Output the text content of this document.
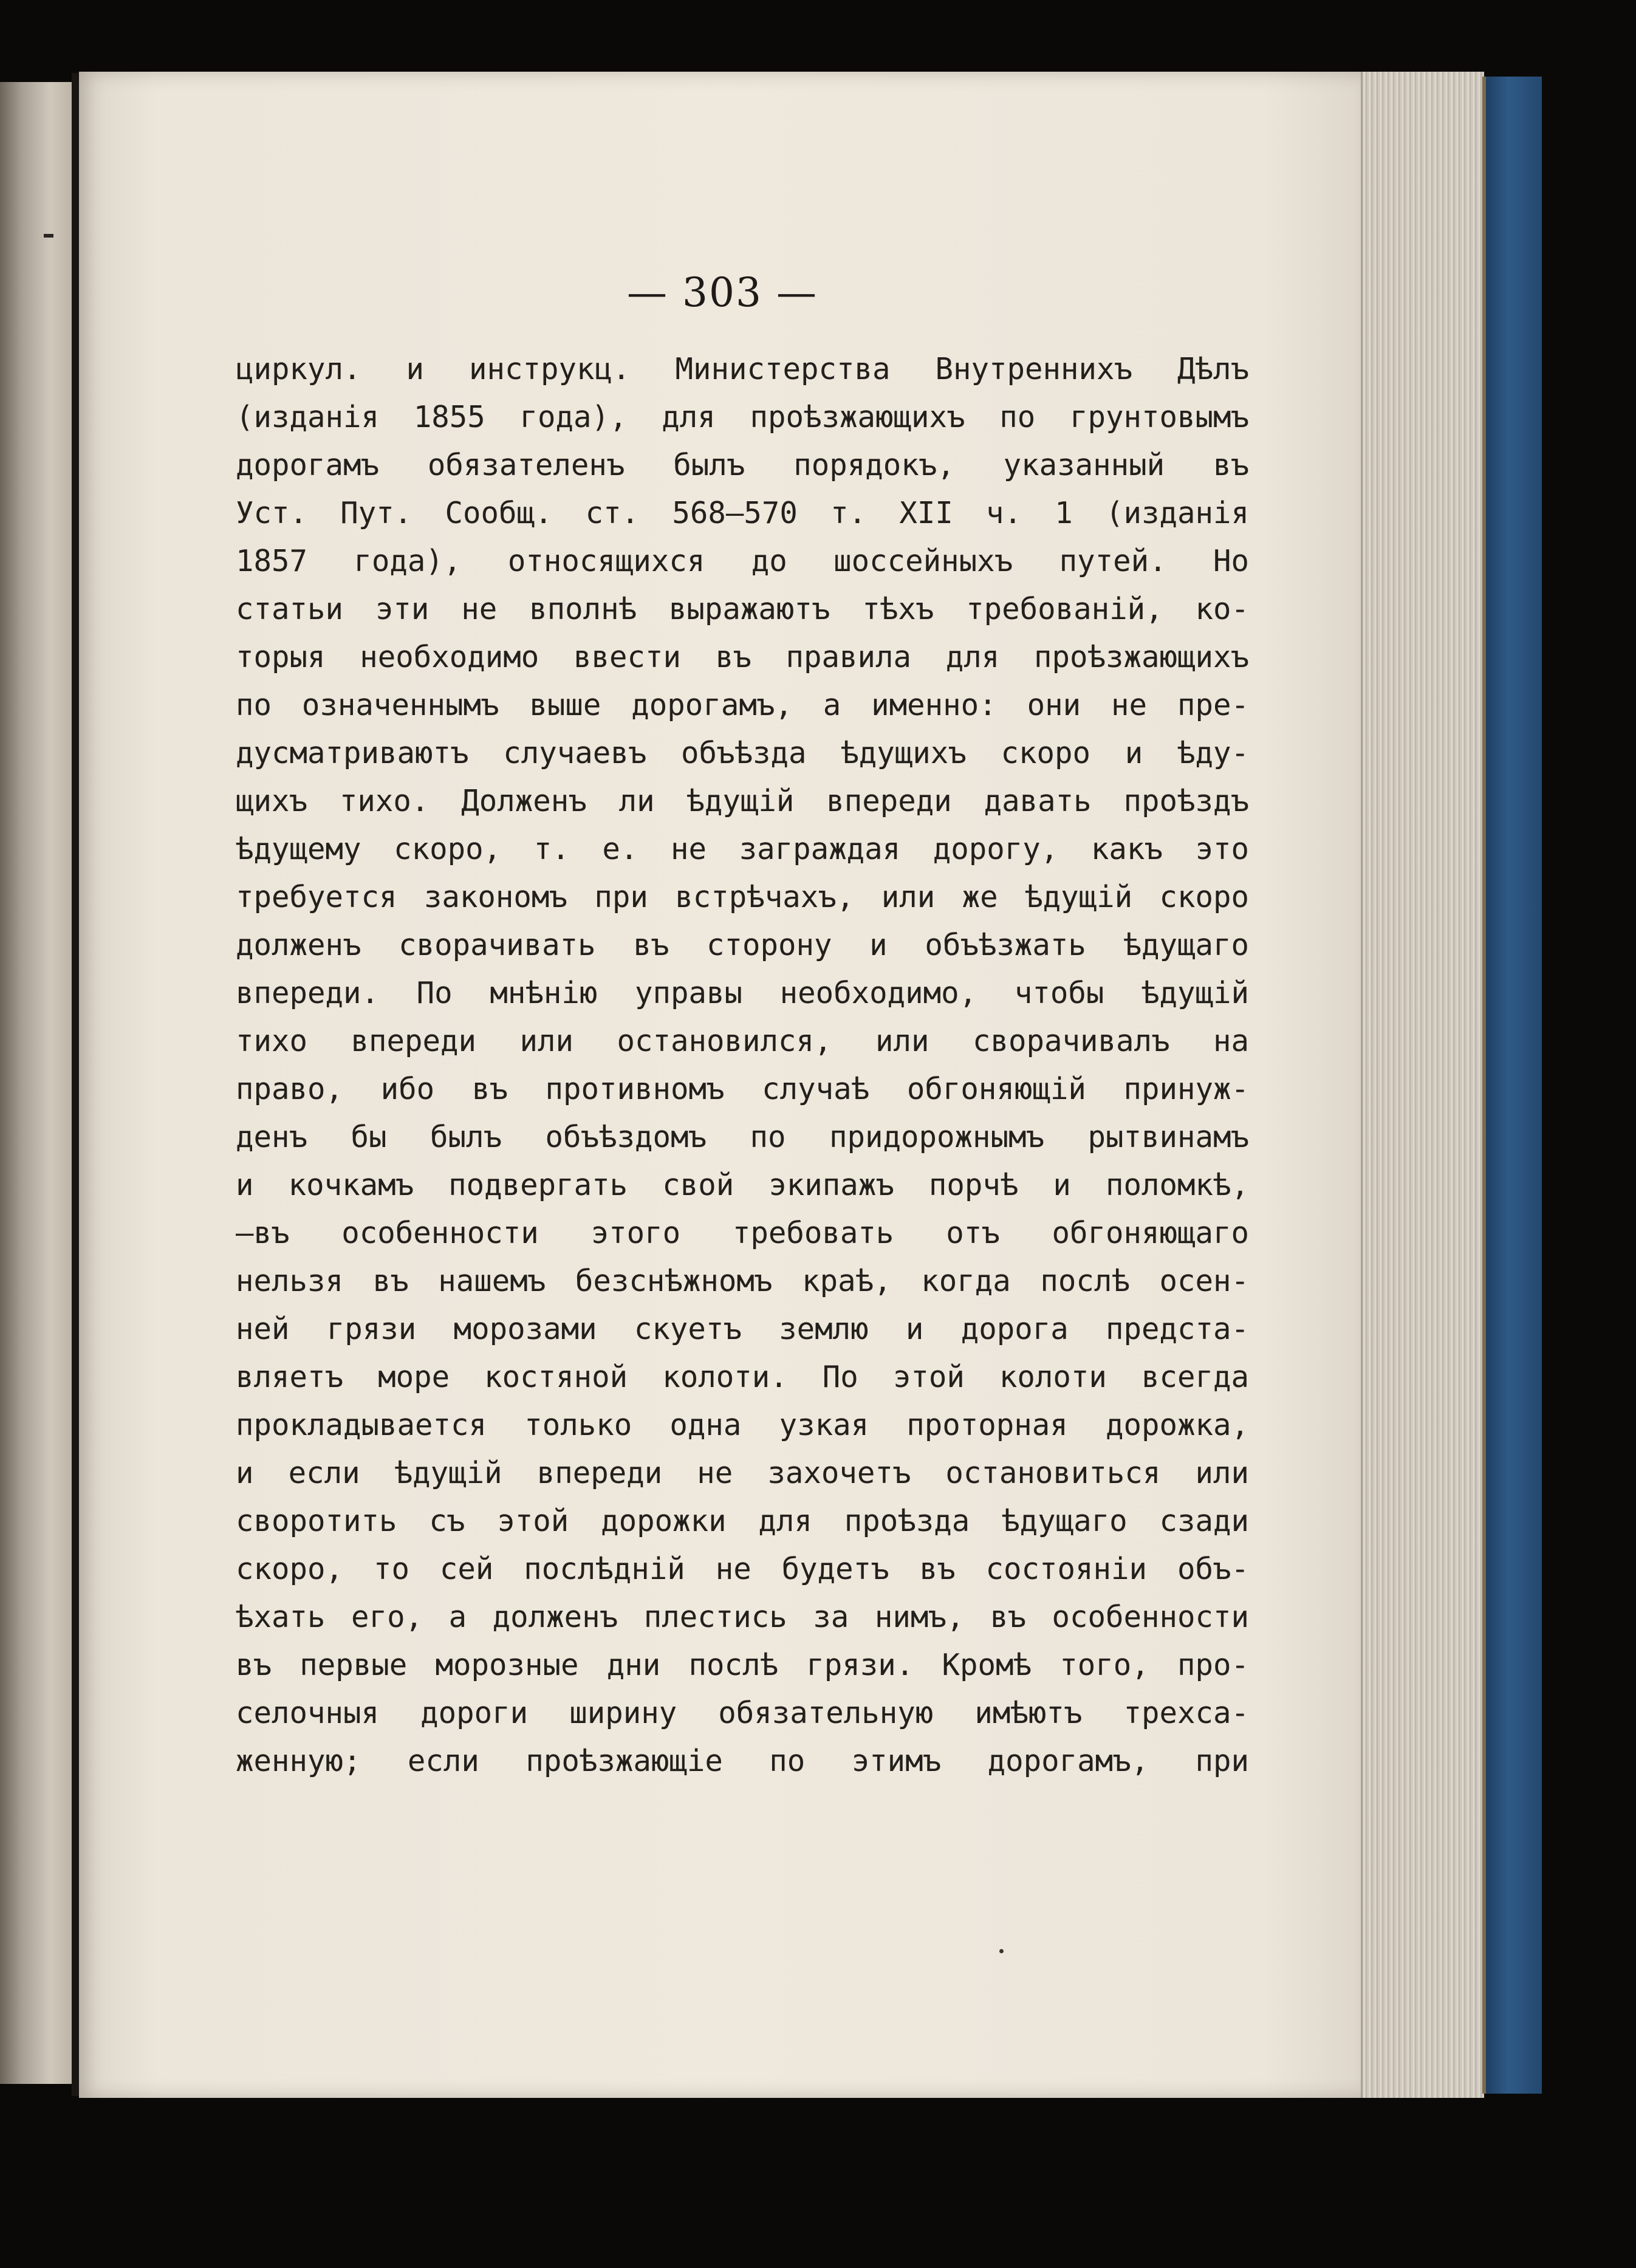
— 303 —
циркул. и инструкц. Министерства Внутреннихъ Дѣлъ
(изданія 1855 года), для проѣзжающихъ по грунтовымъ
дорогамъ обязателенъ былъ порядокъ, указанный въ
Уст. Пут. Сообщ. ст. 568—570 т. XII ч. 1 (изданія
1857 года), относящихся до шоссейныхъ путей. Но
статьи эти не вполнѣ выражаютъ тѣхъ требованій, ко-
торыя необходимо ввести въ правила для проѣзжающихъ
по означеннымъ выше дорогамъ, а именно: они не пре-
дусматриваютъ случаевъ объѣзда ѣдущихъ скоро и ѣду-
щихъ тихо. Долженъ ли ѣдущій впереди давать проѣздъ
ѣдущему скоро, т. е. не заграждая дорогу, какъ это
требуется закономъ при встрѣчахъ, или же ѣдущій скоро
долженъ сворачивать въ сторону и объѣзжать ѣдущаго
впереди. По мнѣнію управы необходимо, чтобы ѣдущій
тихо впереди или остановился, или сворачивалъ на
право, ибо въ противномъ случаѣ обгоняющій принуж-
денъ бы былъ объѣздомъ по придорожнымъ рытвинамъ
и кочкамъ подвергать свой экипажъ порчѣ и поломкѣ,
—въ особенности этого требовать отъ обгоняющаго
нельзя въ нашемъ безснѣжномъ краѣ, когда послѣ осен-
ней грязи морозами скуетъ землю и дорога предста-
вляетъ море костяной колоти. По этой колоти всегда
прокладывается только одна узкая проторная дорожка,
и если ѣдущій впереди не захочетъ остановиться или
своротить съ этой дорожки для проѣзда ѣдущаго сзади
скоро, то сей послѣдній не будетъ въ состояніи объ-
ѣхать его, а долженъ плестись за нимъ, въ особенности
въ первые морозные дни послѣ грязи. Кромѣ того, про-
селочныя дороги ширину обязательную имѣютъ трехса-
женную; если проѣзжающіе по этимъ дорогамъ, при
